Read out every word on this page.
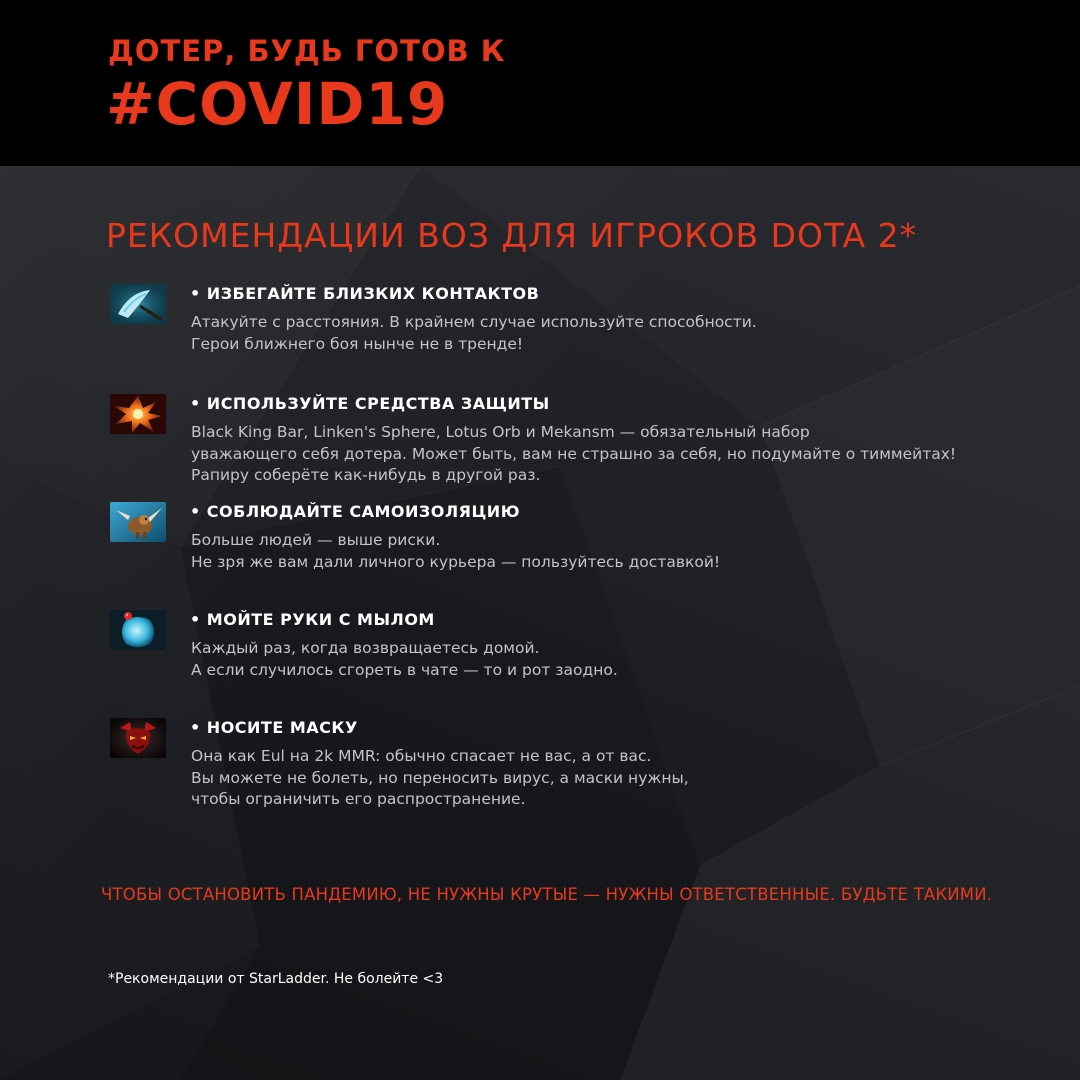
ДОТЕР, БУДЬ ГОТОВ К
#COVID19
РЕКОМЕНДАЦИИ ВОЗ ДЛЯ ИГРОКОВ DOTA 2*
• ИЗБЕГАЙТЕ БЛИЗКИХ КОНТАКТОВ
Атакуйте с расстояния. В крайнем случае используйте способности.
Герои ближнего боя нынче не в тренде!
• ИСПОЛЬЗУЙТЕ СРЕДСТВА ЗАЩИТЫ
Black King Bar, Linken's Sphere, Lotus Orb и Mekansm — обязательный набор
уважающего себя дотера. Может быть, вам не страшно за себя, но подумайте о тиммейтах!
Рапиру соберёте как-нибудь в другой раз.
• СОБЛЮДАЙТЕ САМОИЗОЛЯЦИЮ
Больше людей — выше риски.
Не зря же вам дали личного курьера — пользуйтесь доставкой!
• МОЙТЕ РУКИ С МЫЛОМ
Каждый раз, когда возвращаетесь домой.
А если случилось сгореть в чате — то и рот заодно.
• НОСИТЕ МАСКУ
Она как Eul на 2k MMR: обычно спасает не вас, а от вас.
Вы можете не болеть, но переносить вирус, а маски нужны,
чтобы ограничить его распространение.
ЧТОБЫ ОСТАНОВИТЬ ПАНДЕМИЮ, НЕ НУЖНЫ КРУТЫЕ — НУЖНЫ ОТВЕТСТВЕННЫЕ. БУДЬТЕ ТАКИМИ.
*Рекомендации от StarLadder. Не болейте <3
